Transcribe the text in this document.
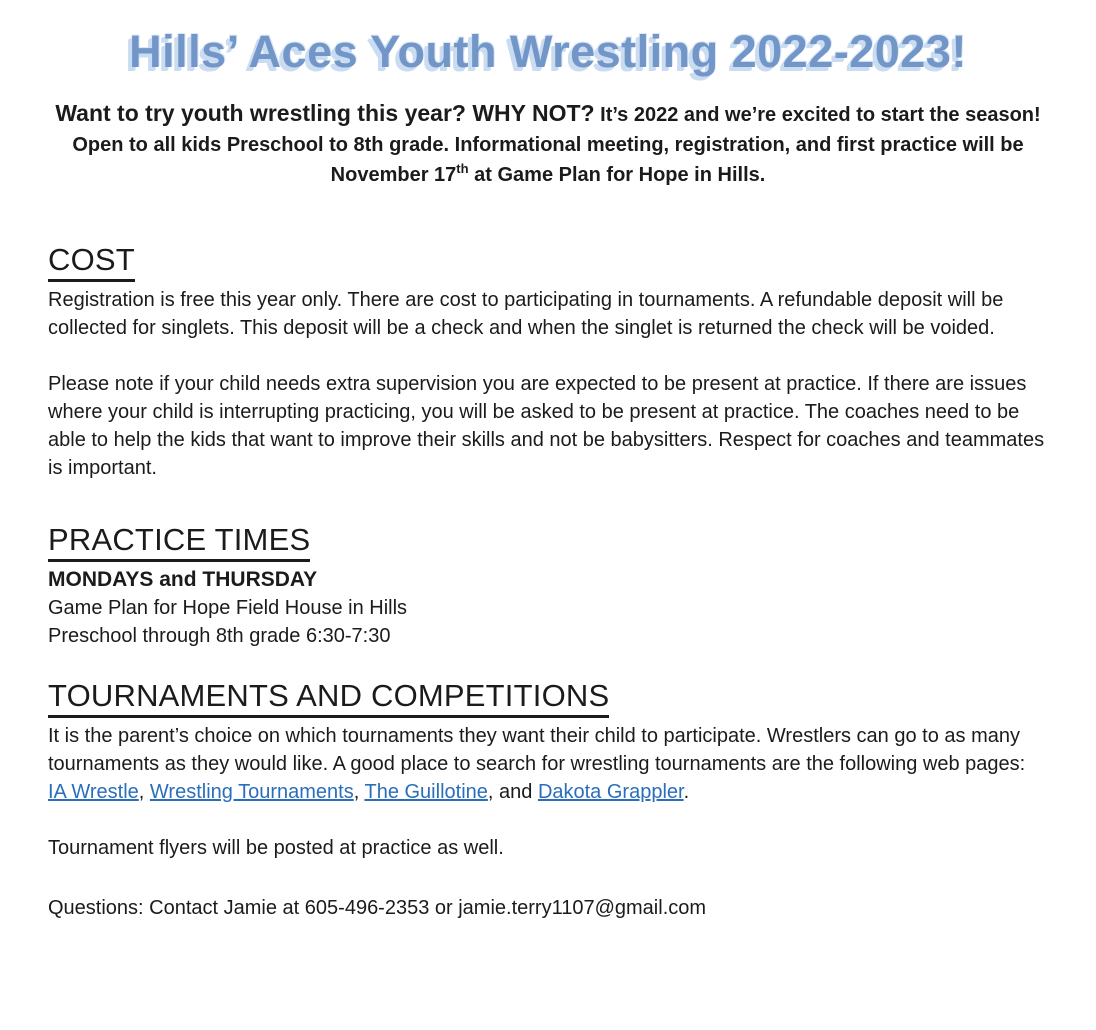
Hills’ Aces Youth Wrestling 2022-2023!

Want to try youth wrestling this year? WHY NOT? It’s 2022 and we’re excited to start the season! Open to all kids Preschool to 8th grade. Informational meeting, registration, and first practice will be November 17th at Game Plan for Hope in Hills.

COST

Registration is free this year only. There are cost to participating in tournaments. A refundable deposit will be collected for singlets. This deposit will be a check and when the singlet is returned the check will be voided.

Please note if your child needs extra supervision you are expected to be present at practice. If there are issues where your child is interrupting practicing, you will be asked to be present at practice. The coaches need to be able to help the kids that want to improve their skills and not be babysitters. Respect for coaches and teammates is important.

PRACTICE TIMES

MONDAYS and THURSDAY

Game Plan for Hope Field House in Hills

Preschool through 8th grade 6:30-7:30

TOURNAMENTS AND COMPETITIONS

It is the parent’s choice on which tournaments they want their child to participate. Wrestlers can go to as many tournaments as they would like. A good place to search for wrestling tournaments are the following web pages: IA Wrestle, Wrestling Tournaments, The Guillotine, and Dakota Grappler.

Tournament flyers will be posted at practice as well.

Questions: Contact Jamie at 605-496-2353 or jamie.terry1107@gmail.com
